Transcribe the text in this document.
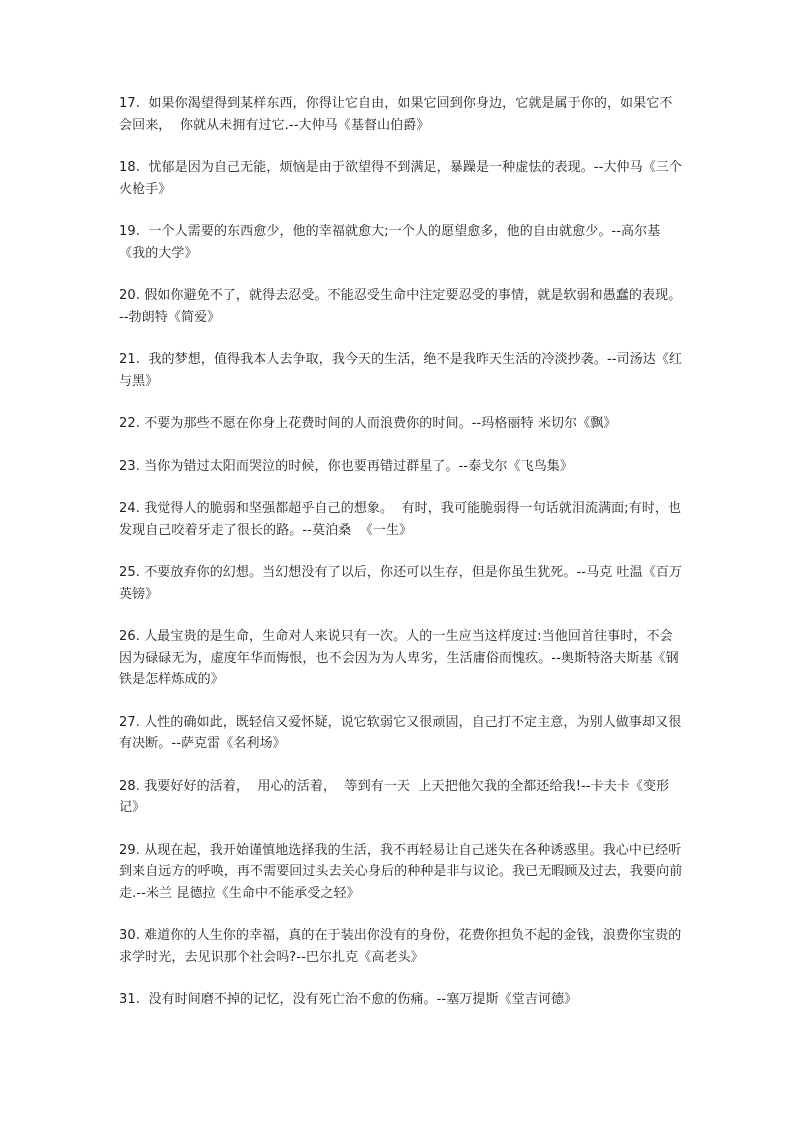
17.  如果你渴望得到某样东西，你得让它自由，如果它回到你身边，它就是属于你的，如果它不会回来，  你就从未拥有过它.--大仲马《基督山伯爵》

18.  忧郁是因为自己无能，烦恼是由于欲望得不到满足，暴躁是一种虚怯的表现。--大仲马《三个火枪手》

19.  一个人需要的东西愈少，他的幸福就愈大;一个人的愿望愈多，他的自由就愈少。--高尔基《我的大学》

20. 假如你避免不了，就得去忍受。不能忍受生命中注定要忍受的事情，就是软弱和愚蠢的表现。--勃朗特《简爱》

21.  我的梦想，值得我本人去争取，我今天的生活，绝不是我昨天生活的冷淡抄袭。--司汤达《红与黑》

22. 不要为那些不愿在你身上花费时间的人而浪费你的时间。--玛格丽特 米切尔《飘》

23. 当你为错过太阳而哭泣的时候，你也要再错过群星了。--泰戈尔《飞鸟集》

24. 我觉得人的脆弱和坚强都超乎自己的想象。  有时，我可能脆弱得一句话就泪流满面;有时，也发现自己咬着牙走了很长的路。--莫泊桑  《一生》

25. 不要放弃你的幻想。当幻想没有了以后，你还可以生存，但是你虽生犹死。--马克 吐温《百万英镑》

26. 人最宝贵的是生命，生命对人来说只有一次。人的一生应当这样度过:当他回首往事时，不会因为碌碌无为，虚度年华而悔恨，也不会因为为人卑劣，生活庸俗而愧疚。--奥斯特洛夫斯基《钢铁是怎样炼成的》

27. 人性的确如此，既轻信又爱怀疑，说它软弱它又很顽固，自己打不定主意，为别人做事却又很有决断。--萨克雷《名利场》

28. 我要好好的活着，  用心的活着，  等到有一天  上天把他欠我的全都还给我!--卡夫卡《变形记》

29. 从现在起，我开始谨慎地选择我的生活，我不再轻易让自己迷失在各种诱惑里。我心中已经听到来自远方的呼唤，再不需要回过头去关心身后的种种是非与议论。我已无暇顾及过去，我要向前走.--米兰 昆德拉《生命中不能承受之轻》

30. 难道你的人生你的幸福，真的在于装出你没有的身份，花费你担负不起的金钱，浪费你宝贵的求学时光，去见识那个社会吗?--巴尔扎克《高老头》

31.  没有时间磨不掉的记忆，没有死亡治不愈的伤痛。--塞万提斯《堂吉诃德》
